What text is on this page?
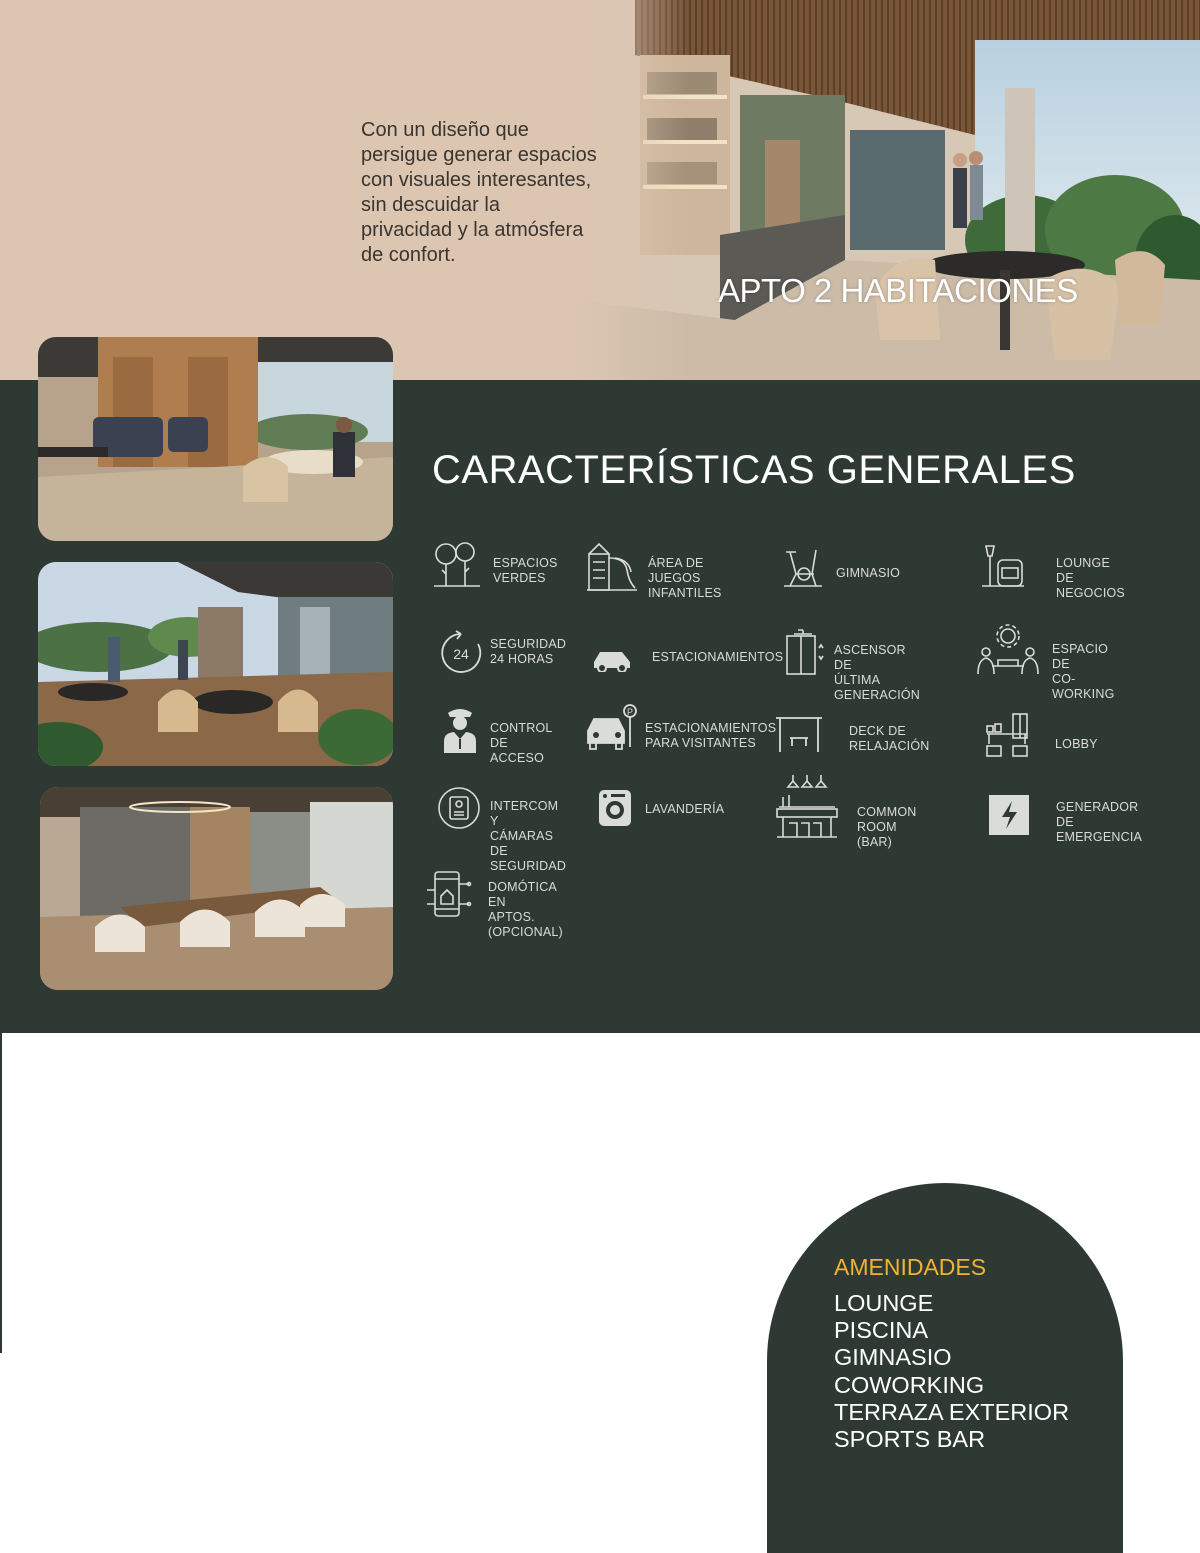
Con un diseño que
persigue generar espacios
con visuales interesantes,
sin descuidar la
privacidad y la atmósfera
de confort.
APTO 2 HABITACIONES
CARACTERÍSTICAS GENERALES
ESPACIOS
VERDES
ÁREA DE JUEGOS
INFANTILES
GIMNASIO
LOUNGE DE
NEGOCIOS
24
SEGURIDAD
24 HORAS	ESTACIONAMIENTOS	ASCENSOR DE
ÚLTIMA GENERACIÓN
ESPACIO DE
CO-WORKING
CONTROL
DE ACCESO
P
ESTACIONAMIENTOS
PARA VISITANTES
DECK DE
RELAJACIÓN	LOBBY
INTERCOM Y
CÁMARAS DE
SEGURIDAD
LAVANDERÍA	COMMON ROOM
(BAR)
GENERADOR DE
EMERGENCIA
DOMÓTICA EN
APTOS. (OPCIONAL)
AMENIDADES
LOUNGE
PISCINA
GIMNASIO
COWORKING
TERRAZA EXTERIOR
SPORTS BAR
